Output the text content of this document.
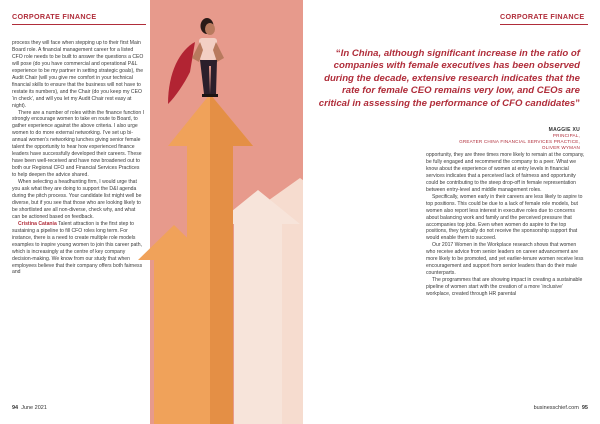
CORPORATE FINANCE

process they will face when stepping up to their first Main Board role. A financial management career for a listed CFO role needs to be built to answer the questions a CEO will pose (do you have commercial and operational P&L experience to be my partner in setting strategic goals), the Audit Chair (will you give me comfort in your technical financial skills to ensure that the business will not have to restate its numbers), and the Chair (do you keep my CEO ‘in check’, and will you let my Audit Chair rest easy at night).

There are a number of roles within the finance function I strongly encourage women to take en route to Board, to gather experience against the above criteria. I also urge women to do more external networking. I’ve set up bi-annual women’s networking lunches giving senior female talent the opportunity to hear how experienced finance leaders have successfully developed their careers. These have been well-received and have now broadened out to both our Regional CFO and Financial Services Practices to help deepen the advice shared.

When selecting a headhunting firm, I would urge that you ask what they are doing to support the D&I agenda during the pitch process. Your candidate list might well be diverse, but if you see that those who are looking likely to be shortlisted are all non-diverse, check why, and what can be actioned based on feedback.

Cristina Catania Talent attraction is the first step to sustaining a pipeline to fill CFO roles long term. For instance, there is a need to create multiple role models examples to inspire young women to join this career path, which is increasingly at the centre of key company decision-making. We know from our study that when employees believe that their company offers both fairness and

CORPORATE FINANCE
“In China, although significant increase in the ratio of companies with female executives has been observed during the decade, extensive research indicates that the rate for female CEO remains very low, and CEOs are critical in assessing the performance of CFO candidates”
MAGGIE XU
PRINCIPAL,
GREATER CHINA FINANCIAL SERVICES PRACTICE,
OLIVER WYMAN

opportunity, they are three times more likely to remain at the company, be fully engaged and recommend the company to a peer. What we know about the experience of women at entry levels in financial services indicates that a perceived lack of fairness and opportunity could be contributing to the steep drop-off in female representation between entry-level and middle management roles.

Specifically, women early in their careers are less likely to aspire to top positions. This could be due to a lack of female role models, but women also report less interest in executive roles due to concerns about balancing work and family and the perceived pressure that accompanies top jobs. Even when women do aspire to the top positions, they typically do not receive the sponsorship support that would enable them to succeed.

Our 2017 Women in the Workplace research shows that women who receive advice from senior leaders on career advancement are more likely to be promoted, and yet earlier-tenure women receive less encouragement and support from senior leaders than do their male counterparts.

The programmes that are showing impact in creating a sustainable pipeline of women start with the creation of a more ‘inclusive’ workplace, created through HR parental

94 June 2021	businesschief.com 95
